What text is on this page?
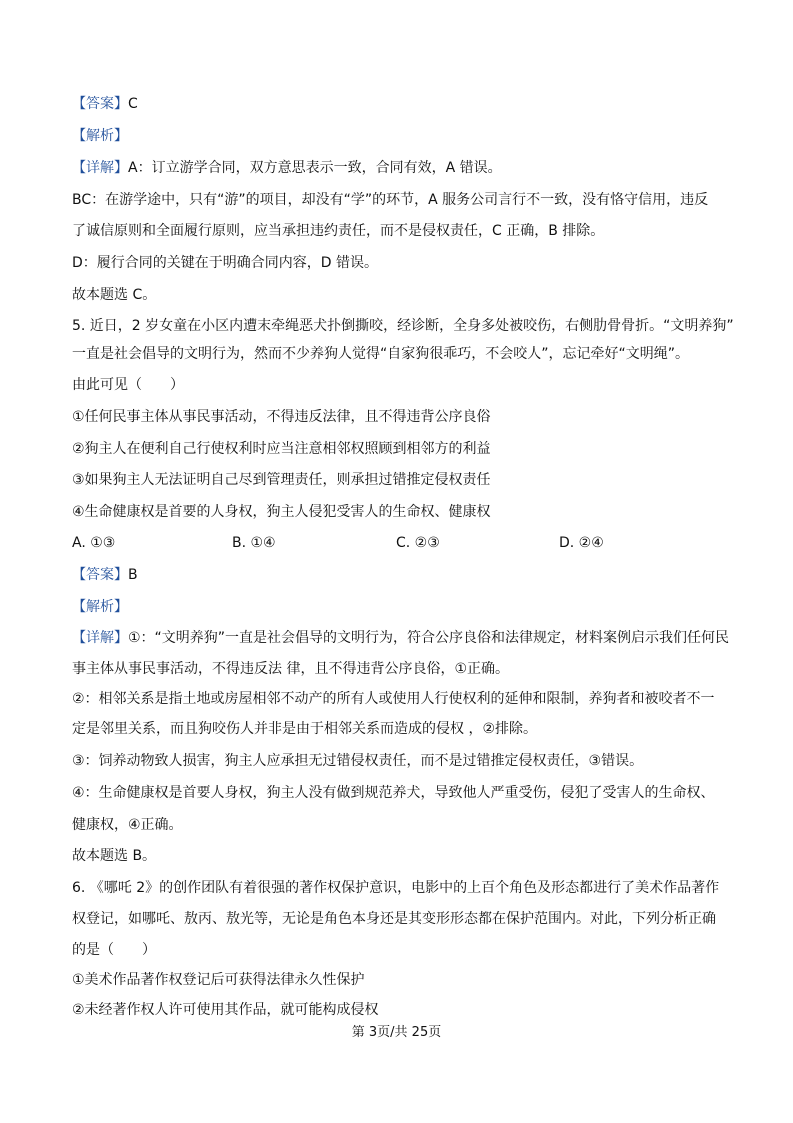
【答案】C
【解析】
【详解】A：订立游学合同，双方意思表示一致，合同有效，A 错误。
BC：在游学途中，只有“游”的项目，却没有“学”的环节，A 服务公司言行不一致，没有恪守信用，违反
了诚信原则和全面履行原则，应当承担违约责任，而不是侵权责任，C 正确，B 排除。
D：履行合同的关键在于明确合同内容，D 错误。
故本题选 C。
5. 近日，2 岁女童在小区内遭末牵绳恶犬扑倒撕咬，经诊断，全身多处被咬伤，右侧肋骨骨折。“文明养狗”
一直是社会倡导的文明行为，然而不少养狗人觉得“自家狗很乖巧，不会咬人”，忘记牵好“文明绳”。
由此可见（　　）
①任何民事主体从事民事活动，不得违反法律，且不得违背公序良俗
②狗主人在便利自己行使权利时应当注意相邻权照顾到相邻方的利益
③如果狗主人无法证明自己尽到管理责任，则承担过错推定侵权责任
④生命健康权是首要的人身权，狗主人侵犯受害人的生命权、健康权
A. ①③	B. ①④	C. ②③	D. ②④
【答案】B
【解析】
【详解】①：“文明养狗”一直是社会倡导的文明行为，符合公序良俗和法律规定，材料案例启示我们任何民
事主体从事民事活动，不得违反法 律，且不得违背公序良俗，①正确。
②：相邻关系是指土地或房屋相邻不动产的所有人或使用人行使权利的延伸和限制，养狗者和被咬者不一
定是邻里关系，而且狗咬伤人并非是由于相邻关系而造成的侵权 ，②排除。
③：饲养动物致人损害，狗主人应承担无过错侵权责任，而不是过错推定侵权责任，③错误。
④：生命健康权是首要人身权，狗主人没有做到规范养犬，导致他人严重受伤，侵犯了受害人的生命权、
健康权，④正确。
故本题选 B。
6. 《哪吒 2》的创作团队有着很强的著作权保护意识，电影中的上百个角色及形态都进行了美术作品著作
权登记，如哪吒、敖丙、敖光等，无论是角色本身还是其变形形态都在保护范围内。对此，下列分析正确
的是（　　）
①美术作品著作权登记后可获得法律永久性保护
②未经著作权人许可使用其作品，就可能构成侵权
第 3页/共 25页
